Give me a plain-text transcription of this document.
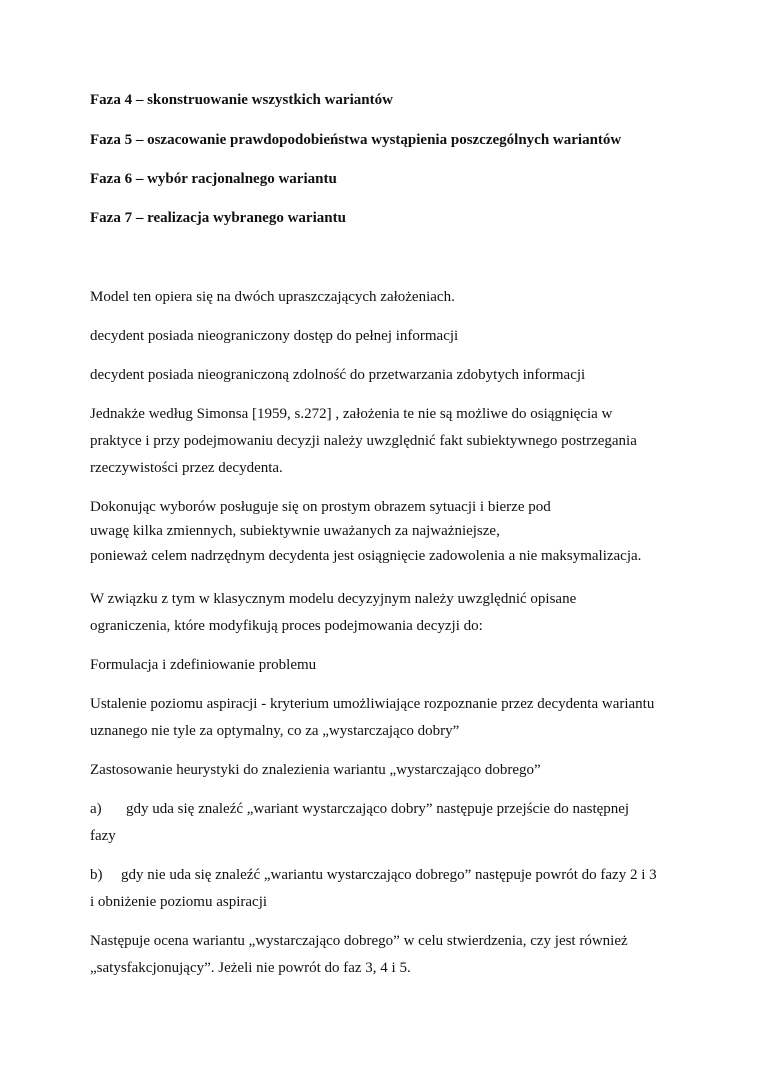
Faza 4 – skonstruowanie wszystkich wariantów
Faza 5 – oszacowanie prawdopodobieństwa wystąpienia poszczególnych wariantów
Faza 6 – wybór racjonalnego wariantu
Faza 7 – realizacja wybranego wariantu
Model ten opiera się na dwóch upraszczających założeniach.
decydent posiada nieograniczony dostęp do pełnej informacji
decydent posiada nieograniczoną zdolność do przetwarzania zdobytych informacji
Jednakże według Simonsa [1959, s.272] , założenia te nie są możliwe do osiągnięcia w
praktyce i przy podejmowaniu decyzji należy uwzględnić fakt subiektywnego postrzegania
rzeczywistości przez decydenta.
Dokonując wyborów posługuje się on prostym obrazem sytuacji i bierze pod
uwagę kilka zmiennych, subiektywnie uważanych za najważniejsze,
ponieważ celem nadrzędnym decydenta jest osiągnięcie zadowolenia a nie maksymalizacja.
W związku z tym w klasycznym modelu decyzyjnym należy uwzględnić opisane
ograniczenia, które modyfikują proces podejmowania decyzji do:
Formulacja i zdefiniowanie problemu
Ustalenie poziomu aspiracji - kryterium umożliwiające rozpoznanie przez decydenta wariantu
uznanego nie tyle za optymalny, co za „wystarczająco dobry”
Zastosowanie heurystyki do znalezienia wariantu „wystarczająco dobrego”
a) gdy uda się znaleźć „wariant wystarczająco dobry” następuje przejście do następnej
fazy
b) gdy nie uda się znaleźć „wariantu wystarczająco dobrego” następuje powrót do fazy 2 i 3
i obniżenie poziomu aspiracji
Następuje ocena wariantu „wystarczająco dobrego” w celu stwierdzenia, czy jest również
„satysfakcjonujący”. Jeżeli nie powrót do faz 3, 4 i 5.
